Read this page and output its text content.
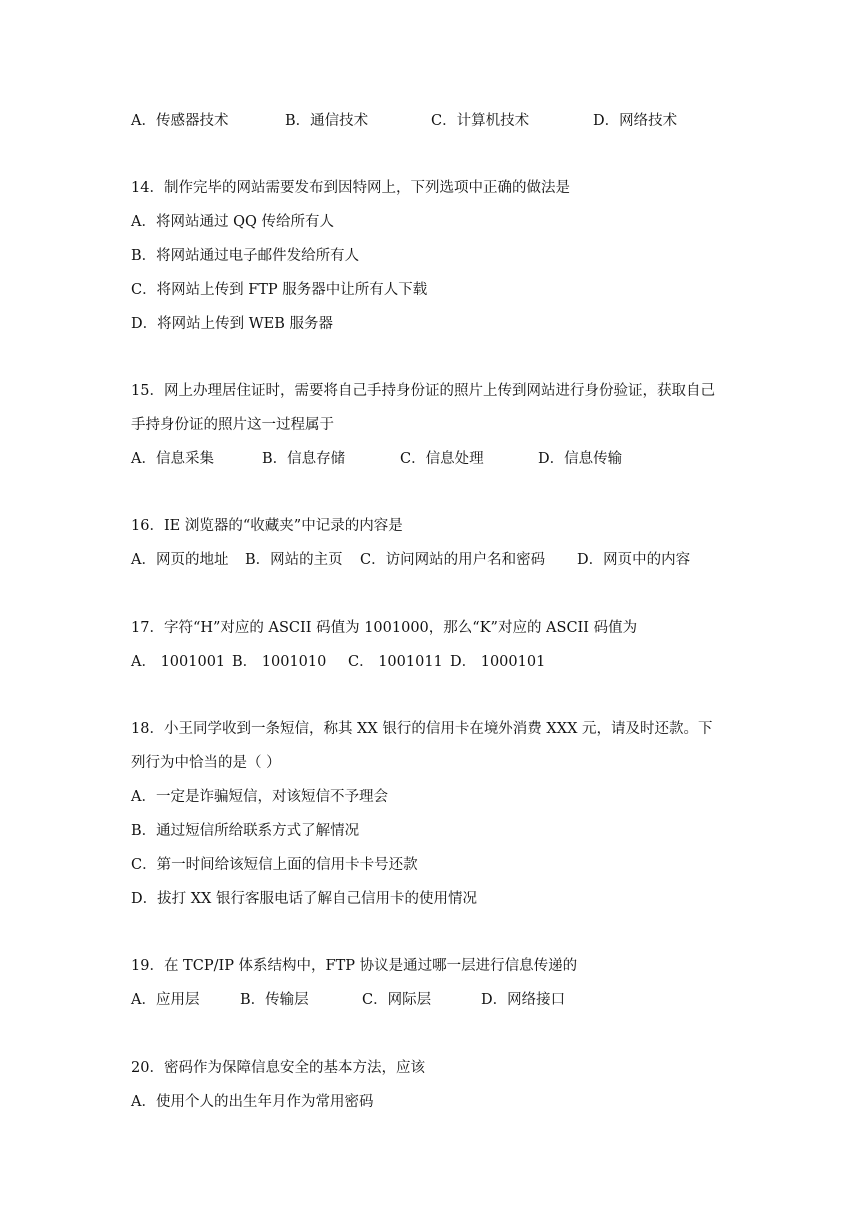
A．传感器技术	B．通信技术	C．计算机技术	D．网络技术
14．制作完毕的网站需要发布到因特网上，下列选项中正确的做法是
A．将网站通过 QQ 传给所有人
B．将网站通过电子邮件发给所有人
C．将网站上传到 FTP 服务器中让所有人下载
D．将网站上传到 WEB 服务器
15．网上办理居住证时，需要将自己手持身份证的照片上传到网站进行身份验证，获取自己
手持身份证的照片这一过程属于
A．信息采集	B．信息存储	C．信息处理	D．信息传输
16．IE 浏览器的“收藏夹”中记录的内容是
A．网页的地址 B．网站的主页 C．访问网站的用户名和密码 D．网页中的内容
17．字符“H”对应的 ASCII 码值为 1001000，那么“K”对应的 ASCII 码值为
A． 1001001 B． 1001010 C． 1001011 D． 1000101
18．小王同学收到一条短信，称其 XX 银行的信用卡在境外消费 XXX 元，请及时还款。下
列行为中恰当的是（ ）
A．一定是诈骗短信，对该短信不予理会
B．通过短信所给联系方式了解情况
C．第一时间给该短信上面的信用卡卡号还款
D．拔打 XX 银行客服电话了解自己信用卡的使用情况
19．在 TCP/IP 体系结构中，FTP 协议是通过哪一层进行信息传递的
A．应用层	B．传输层	C．网际层	D．网络接口
20．密码作为保障信息安全的基本方法，应该
A．使用个人的出生年月作为常用密码
